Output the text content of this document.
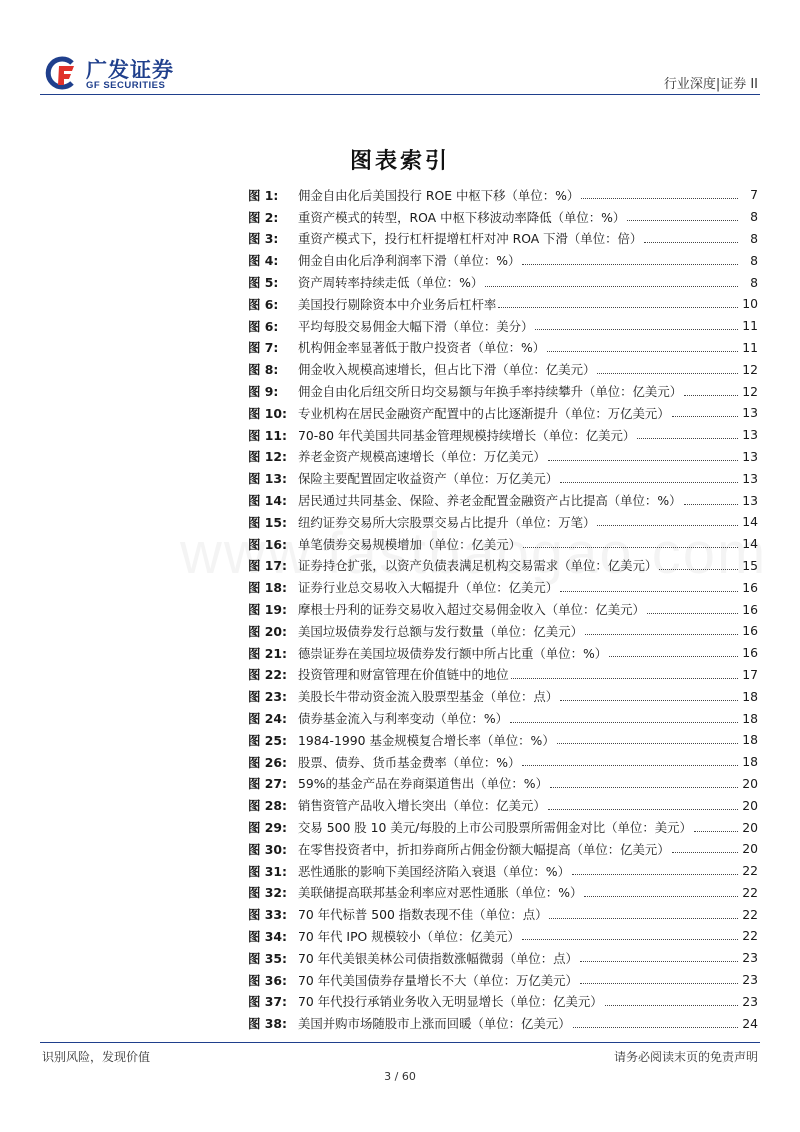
广发证券
GF SECURITIES	行业深度|证券 II
图表索引
图 1:	佣金自由化后美国投行 ROE 中枢下移（单位：%）	7
图 2:	重资产模式的转型，ROA 中枢下移波动率降低（单位：%）	8
图 3:	重资产模式下，投行杠杆提增杠杆对冲 ROA 下滑（单位：倍）	8
图 4:	佣金自由化后净利润率下滑（单位：%）	8
图 5:	资产周转率持续走低（单位：%）	8
图 6:	美国投行剔除资本中介业务后杠杆率	10
图 6:	平均每股交易佣金大幅下滑（单位：美分）	11
图 7:	机构佣金率显著低于散户投资者（单位：%）	11
图 8:	佣金收入规模高速增长，但占比下滑（单位：亿美元）	12
图 9:	佣金自由化后纽交所日均交易额与年换手率持续攀升（单位：亿美元）	12
图 10: 专业机构在居民金融资产配置中的占比逐渐提升（单位：万亿美元）	13
图 11: 70-80 年代美国共同基金管理规模持续增长（单位：亿美元）	13
图 12: 养老金资产规模高速增长（单位：万亿美元）	13
图 13: 保险主要配置固定收益资产（单位：万亿美元）	13
图 14: 居民通过共同基金、保险、养老金配置金融资产占比提高（单位：%）	13
图 15: 纽约证券交易所大宗股票交易占比提升（单位：万笔）	14
图 16: 单笔债券交易规模增加（单位：亿美元）	14
图 17: 证券持仓扩张，以资产负债表满足机构交易需求（单位：亿美元）	15
图 18: 证券行业总交易收入大幅提升（单位：亿美元）	16
图 19: 摩根士丹利的证券交易收入超过交易佣金收入（单位：亿美元）	16
图 20: 美国垃圾债券发行总额与发行数量（单位：亿美元）	16
图 21: 德崇证券在美国垃圾债券发行额中所占比重（单位：%）	16
图 22: 投资管理和财富管理在价值链中的地位	17
图 23: 美股长牛带动资金流入股票型基金（单位：点）	18
图 24: 债券基金流入与利率变动（单位：%）	18
图 25: 1984-1990 基金规模复合增长率（单位：%）	18
图 26: 股票、债券、货币基金费率（单位：%）	18
图 27: 59%的基金产品在券商渠道售出（单位：%）	20
图 28: 销售资管产品收入增长突出（单位：亿美元）	20
图 29: 交易 500 股 10 美元/每股的上市公司股票所需佣金对比（单位：美元）	20
图 30: 在零售投资者中，折扣券商所占佣金份额大幅提高（单位：亿美元）	20
图 31: 恶性通胀的影响下美国经济陷入衰退（单位：%）	22
图 32: 美联储提高联邦基金利率应对恶性通胀（单位：%）	22
图 33: 70 年代标普 500 指数表现不佳（单位：点）	22
图 34: 70 年代 IPO 规模较小（单位：亿美元）	22
图 35: 70 年代美银美林公司债指数涨幅微弱（单位：点）	23
图 36: 70 年代美国债券存量增长不大（单位：万亿美元）	23
图 37: 70 年代投行承销业务收入无明显增长（单位：亿美元）	23
图 38: 美国并购市场随股市上涨而回暖（单位：亿美元）	24
识别风险，发现价值	请务必阅读末页的免责声明
3 / 60
